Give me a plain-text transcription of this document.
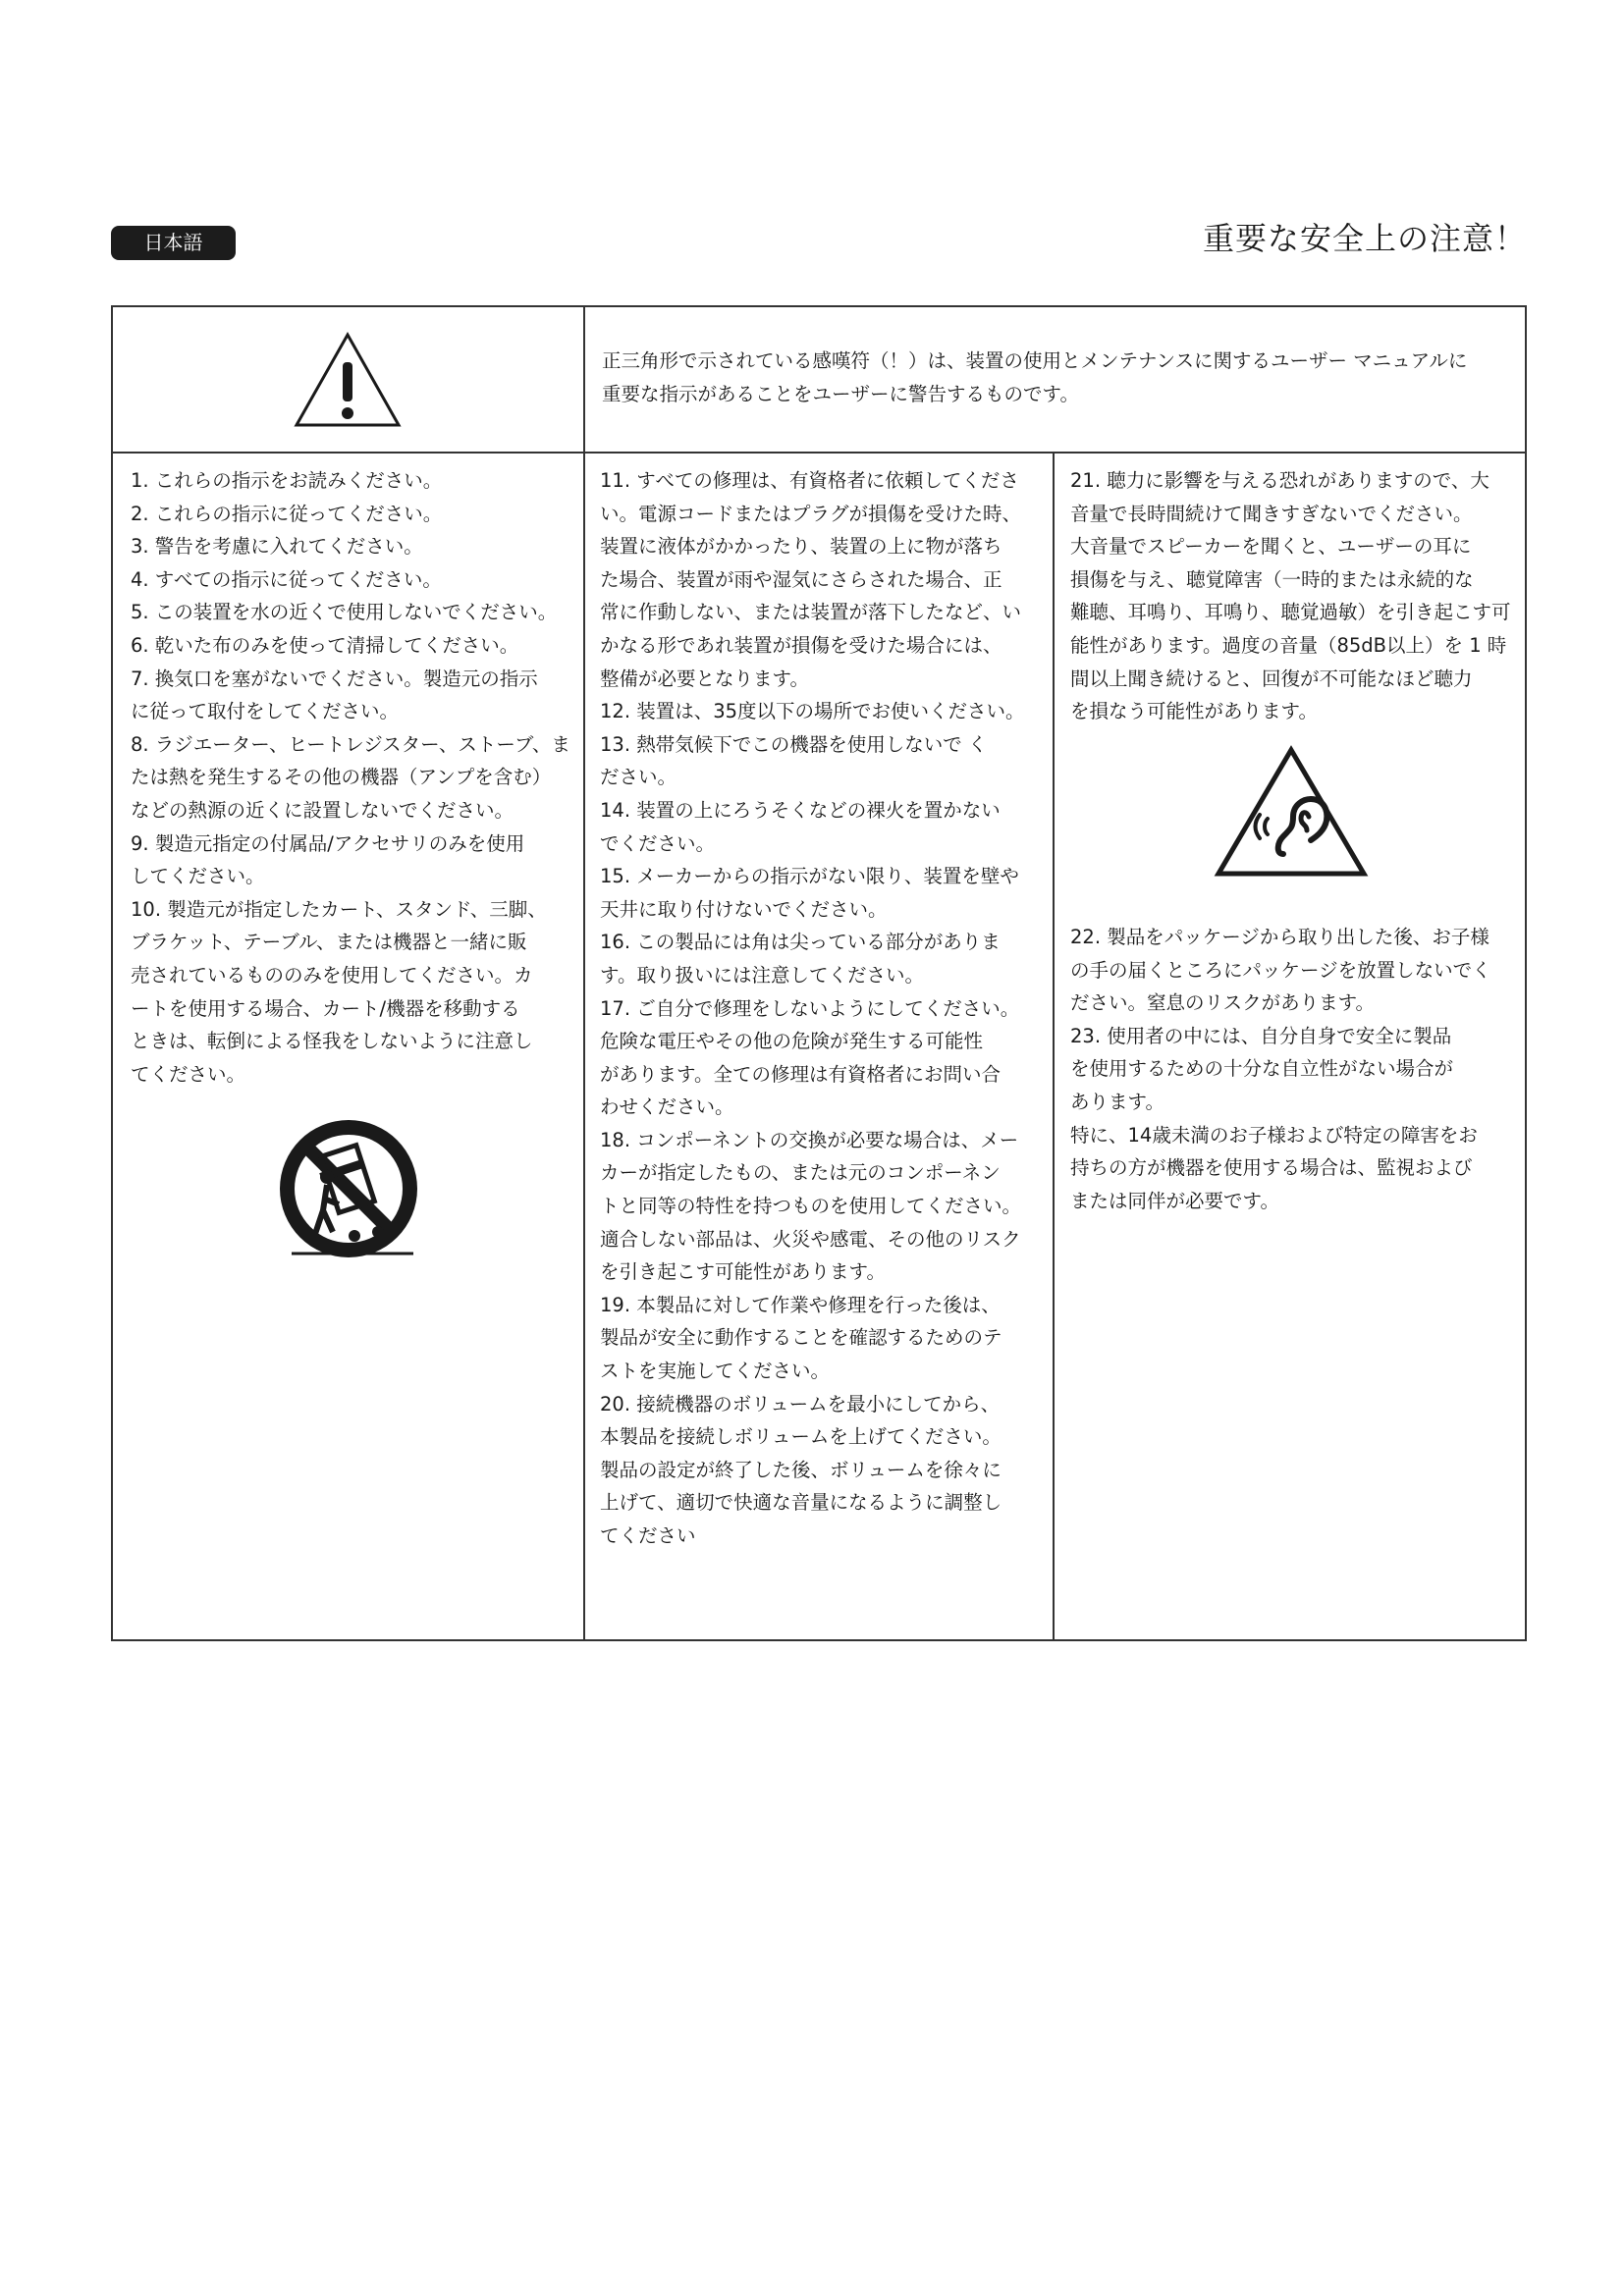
日本語	重要な安全上の注意！
正三角形で示されている感嘆符（！）は、装置の使用とメンテナンスに関するユーザー マニュアルに
重要な指示があることをユーザーに警告するものです。

1. これらの指示をお読みください。

2. これらの指示に従ってください。

3. 警告を考慮に入れてください。

4. すべての指示に従ってください。

5. この装置を水の近くで使用しないでください。

6. 乾いた布のみを使って清掃してください。

7. 換気口を塞がないでください。製造元の指示
に従って取付をしてください。

8. ラジエーター、ヒートレジスター、ストーブ、ま
たは熱を発生するその他の機器（アンプを含む）
などの熱源の近くに設置しないでください。

9. 製造元指定の付属品/アクセサリのみを使用
してください。

10. 製造元が指定したカート、スタンド、三脚、
ブラケット、テーブル、または機器と一緒に販
売されているもののみを使用してください。カ
ートを使用する場合、カート/機器を移動する
ときは、転倒による怪我をしないように注意し
てください。

11. すべての修理は、有資格者に依頼してくださ
い。電源コードまたはプラグが損傷を受けた時、
装置に液体がかかったり、装置の上に物が落ち
た場合、装置が雨や湿気にさらされた場合、正
常に作動しない、または装置が落下したなど、い
かなる形であれ装置が損傷を受けた場合には、
整備が必要となります。

12. 装置は、35度以下の場所でお使いください。

13. 熱帯気候下でこの機器を使用しないで く
ださい。

14. 装置の上にろうそくなどの裸火を置かない
でください。

15. メーカーからの指示がない限り、装置を壁や
天井に取り付けないでください。

16. この製品には角は尖っている部分がありま
す。取り扱いには注意してください。

17. ご自分で修理をしないようにしてください。
危険な電圧やその他の危険が発生する可能性
があります。全ての修理は有資格者にお問い合
わせください。

18. コンポーネントの交換が必要な場合は、メー
カーが指定したもの、または元のコンポーネン
トと同等の特性を持つものを使用してください。
適合しない部品は、火災や感電、その他のリスク
を引き起こす可能性があります。

19. 本製品に対して作業や修理を行った後は、
製品が安全に動作することを確認するためのテ
ストを実施してください。

20. 接続機器のボリュームを最小にしてから、
本製品を接続しボリュームを上げてください。
製品の設定が終了した後、ボリュームを徐々に
上げて、適切で快適な音量になるように調整し
てください

21. 聴力に影響を与える恐れがありますので、大
音量で長時間続けて聞きすぎないでください。
大音量でスピーカーを聞くと、ユーザーの耳に
損傷を与え、聴覚障害（一時的または永続的な
難聴、耳鳴り、耳鳴り、聴覚過敏）を引き起こす可
能性があります。過度の音量（85dB以上）を 1 時
間以上聞き続けると、回復が不可能なほど聴力
を損なう可能性があります。

22. 製品をパッケージから取り出した後、お子様
の手の届くところにパッケージを放置しないでく
ださい。窒息のリスクがあります。

23. 使用者の中には、自分自身で安全に製品
を使用するための十分な自立性がない場合が
あります。
特に、14歳未満のお子様および特定の障害をお
持ちの方が機器を使用する場合は、監視および
または同伴が必要です。
